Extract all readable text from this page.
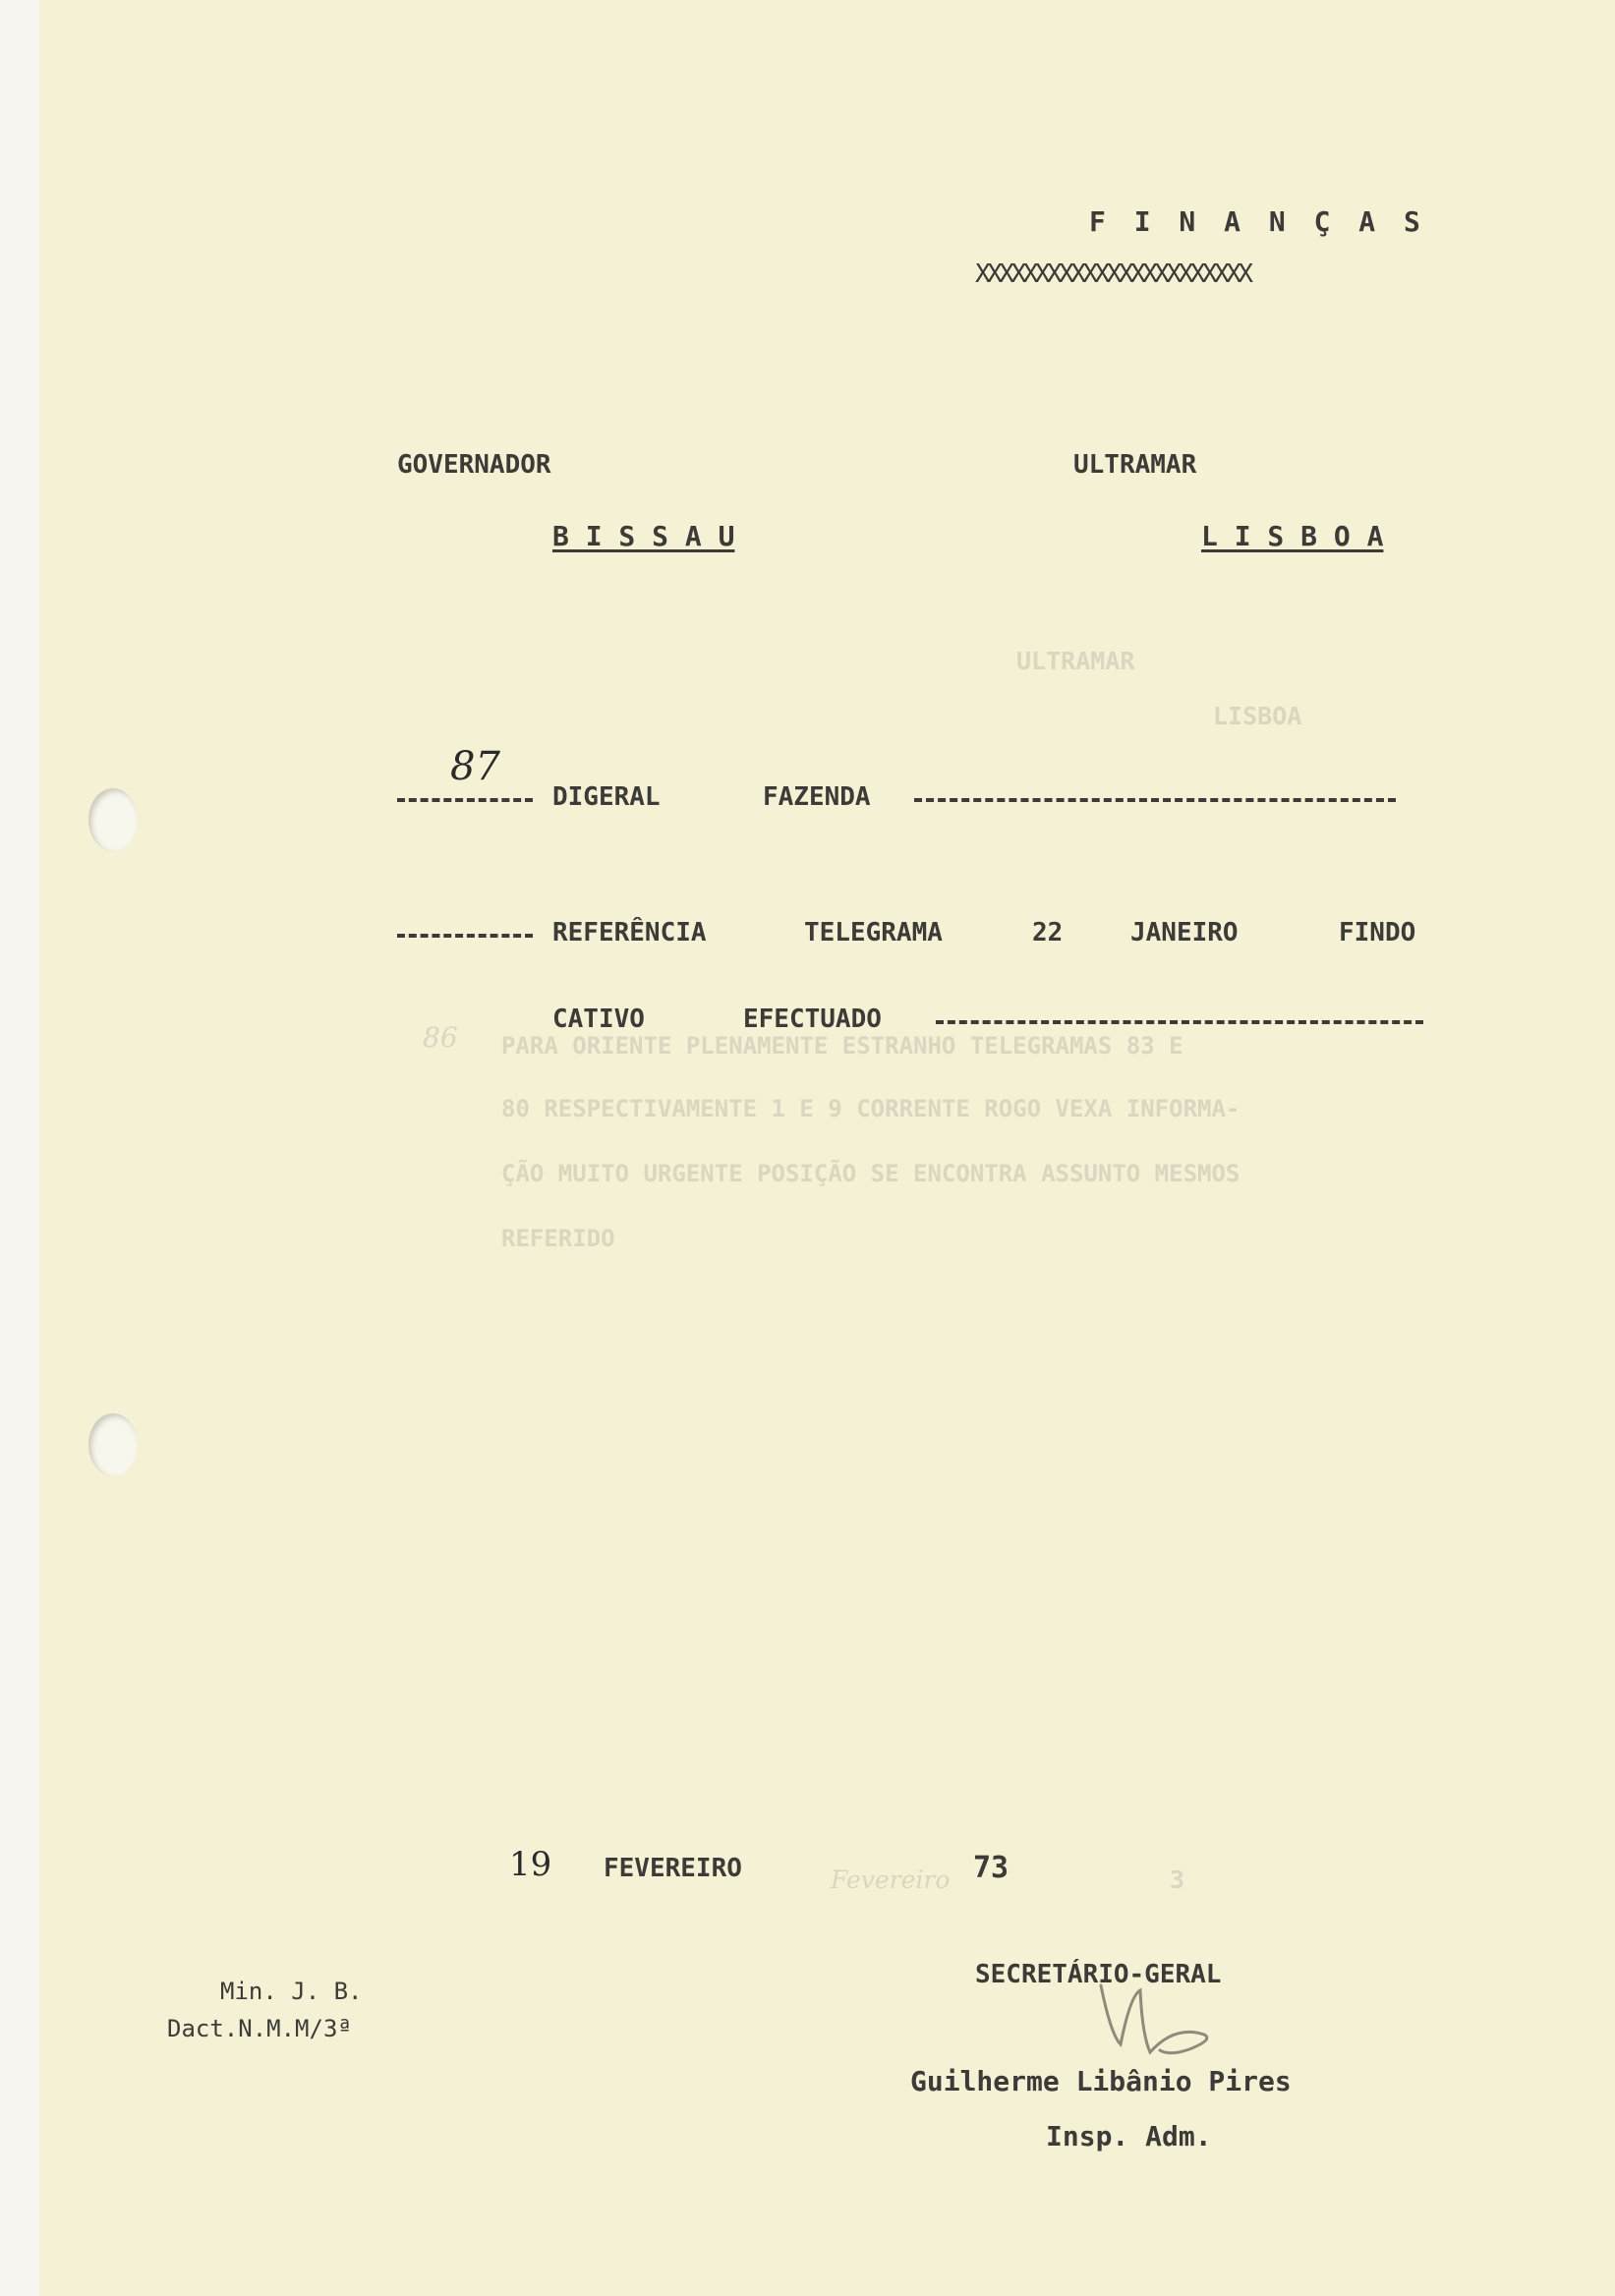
ULTRAMAR
LISBOA
86 PARA ORIENTE PLENAMENTE ESTRANHO TELEGRAMAS 83 E
80 RESPECTIVAMENTE 1 E 9 CORRENTE ROGO VEXA INFORMA-
ÇÃO MUITO URGENTE POSIÇÃO SE ENCONTRA ASSUNTO MESMOS
REFERIDO
Fevereiro	3
F I N A N Ç A S
XXXXXXXXXXXXXXXXXXXXXXX
GOVERNADOR
B I S S A U
ULTRAMAR
L I S B O A
87
DIGERAL	FAZENDA
REFERÊNCIA	TELEGRAMA	22	JANEIRO	FINDO
CATIVO	EFECTUADO
19 FEVEREIRO	73
Min. J. B.
Dact.N.M.M/3ª
SECRETÁRIO-GERAL
Guilherme Libânio Pires
Insp. Adm.
